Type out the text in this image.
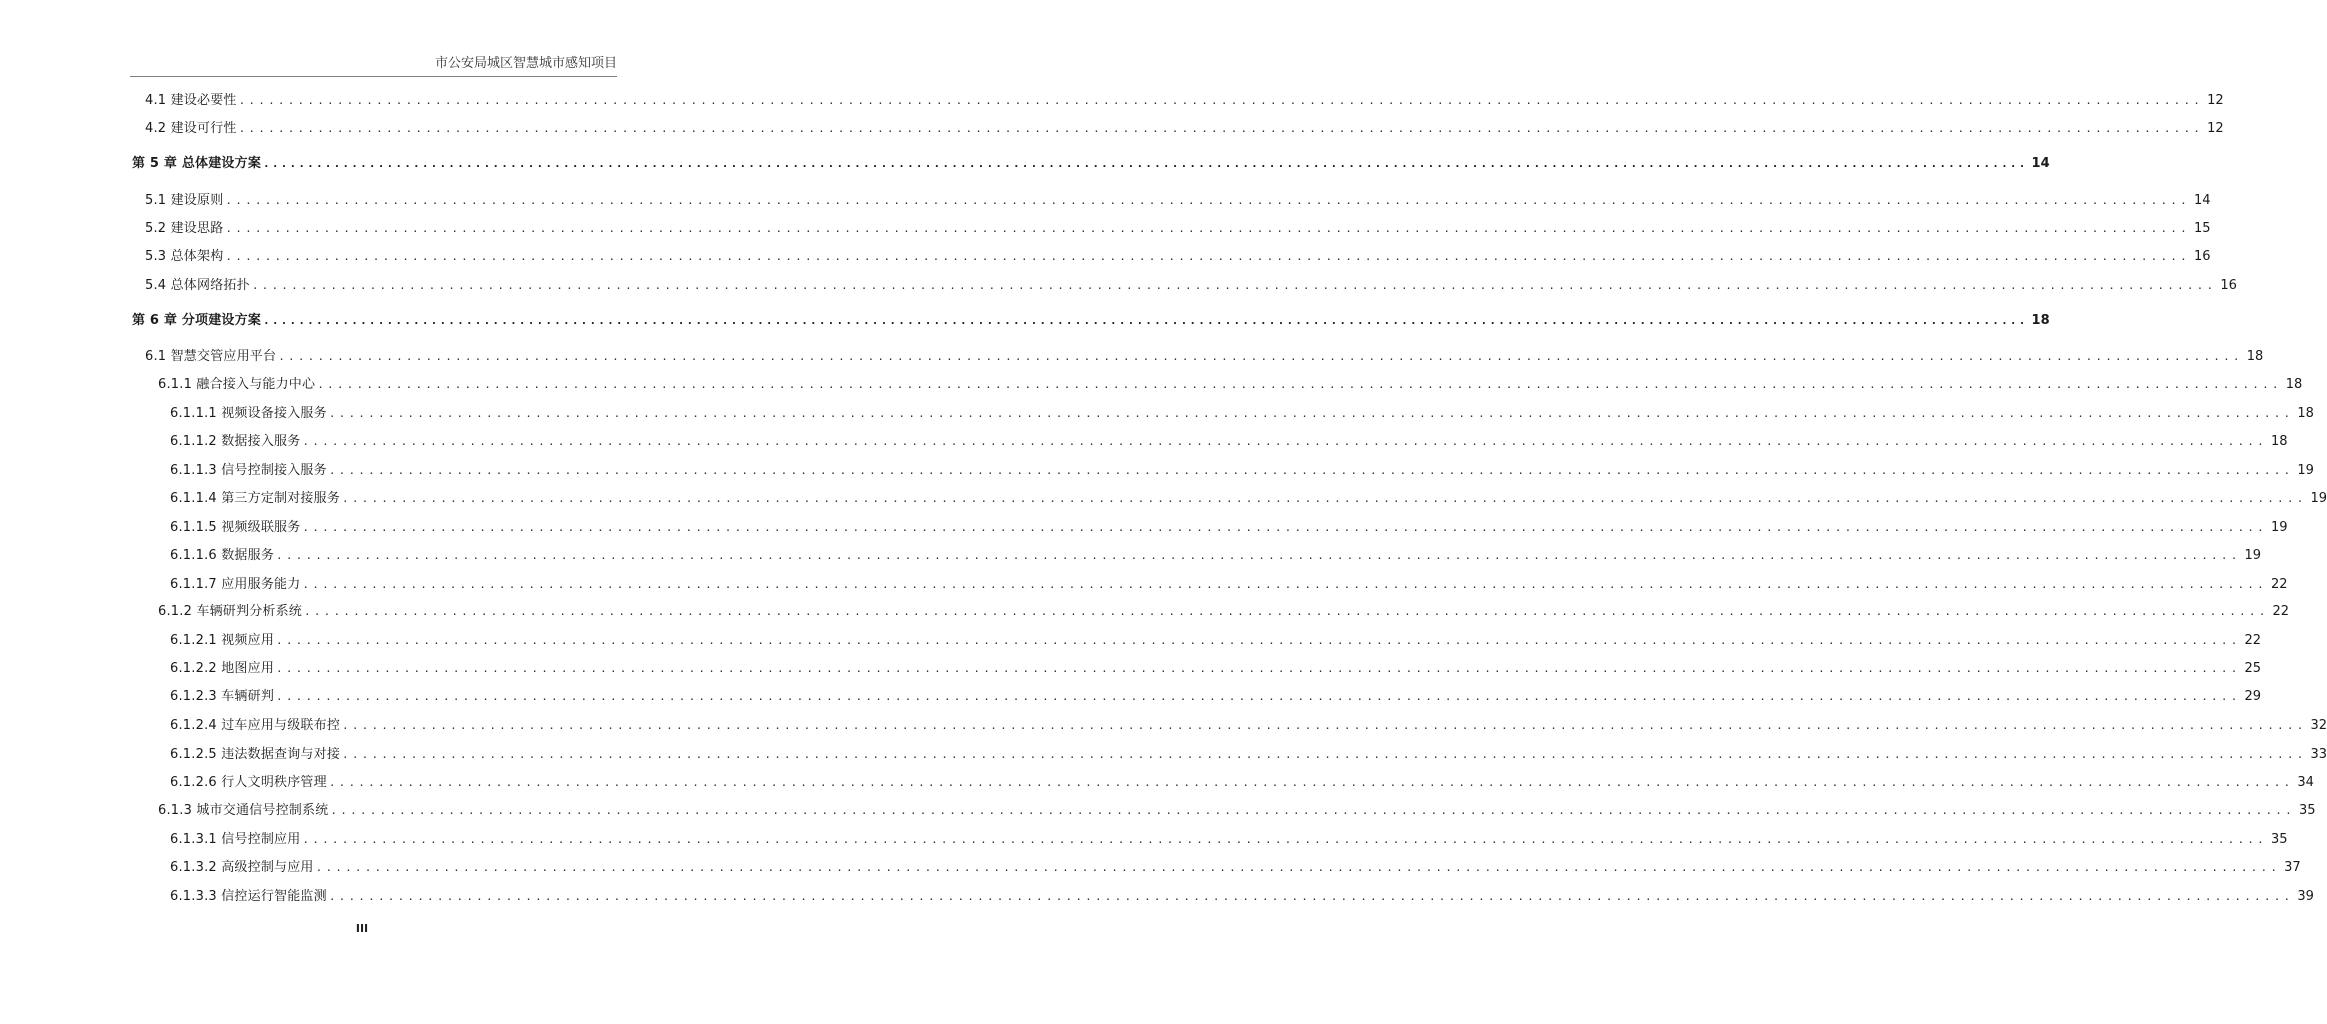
市公安局城区智慧城市感知项目
4.1 建设必要性 ........................................................................................................................................................................................................ 12
4.2 建设可行性 ........................................................................................................................................................................................................ 12
第 5 章 总体建设方案 ........................................................................................................................................................................................................ 14
5.1 建设原则 ........................................................................................................................................................................................................ 14
5.2 建设思路 ........................................................................................................................................................................................................ 15
5.3 总体架构 ........................................................................................................................................................................................................ 16
5.4 总体网络拓扑 ........................................................................................................................................................................................................ 16
第 6 章 分项建设方案 ........................................................................................................................................................................................................ 18
6.1 智慧交管应用平台 ........................................................................................................................................................................................................ 18
6.1.1 融合接入与能力中心 ........................................................................................................................................................................................................ 18
6.1.1.1 视频设备接入服务 ........................................................................................................................................................................................................ 18
6.1.1.2 数据接入服务 ........................................................................................................................................................................................................ 18
6.1.1.3 信号控制接入服务 ........................................................................................................................................................................................................ 19
6.1.1.4 第三方定制对接服务 ........................................................................................................................................................................................................ 19
6.1.1.5 视频级联服务 ........................................................................................................................................................................................................ 19
6.1.1.6 数据服务 ........................................................................................................................................................................................................ 19
6.1.1.7 应用服务能力 ........................................................................................................................................................................................................ 22
6.1.2 车辆研判分析系统 ........................................................................................................................................................................................................ 22
6.1.2.1 视频应用 ........................................................................................................................................................................................................ 22
6.1.2.2 地图应用 ........................................................................................................................................................................................................ 25
6.1.2.3 车辆研判 ........................................................................................................................................................................................................ 29
6.1.2.4 过车应用与级联布控 ........................................................................................................................................................................................................ 32
6.1.2.5 违法数据查询与对接 ........................................................................................................................................................................................................ 33
6.1.2.6 行人文明秩序管理 ........................................................................................................................................................................................................ 34
6.1.3 城市交通信号控制系统 ........................................................................................................................................................................................................ 35
6.1.3.1 信号控制应用 ........................................................................................................................................................................................................ 35
6.1.3.2 高级控制与应用 ........................................................................................................................................................................................................ 37
6.1.3.3 信控运行智能监测 ........................................................................................................................................................................................................ 39
III
